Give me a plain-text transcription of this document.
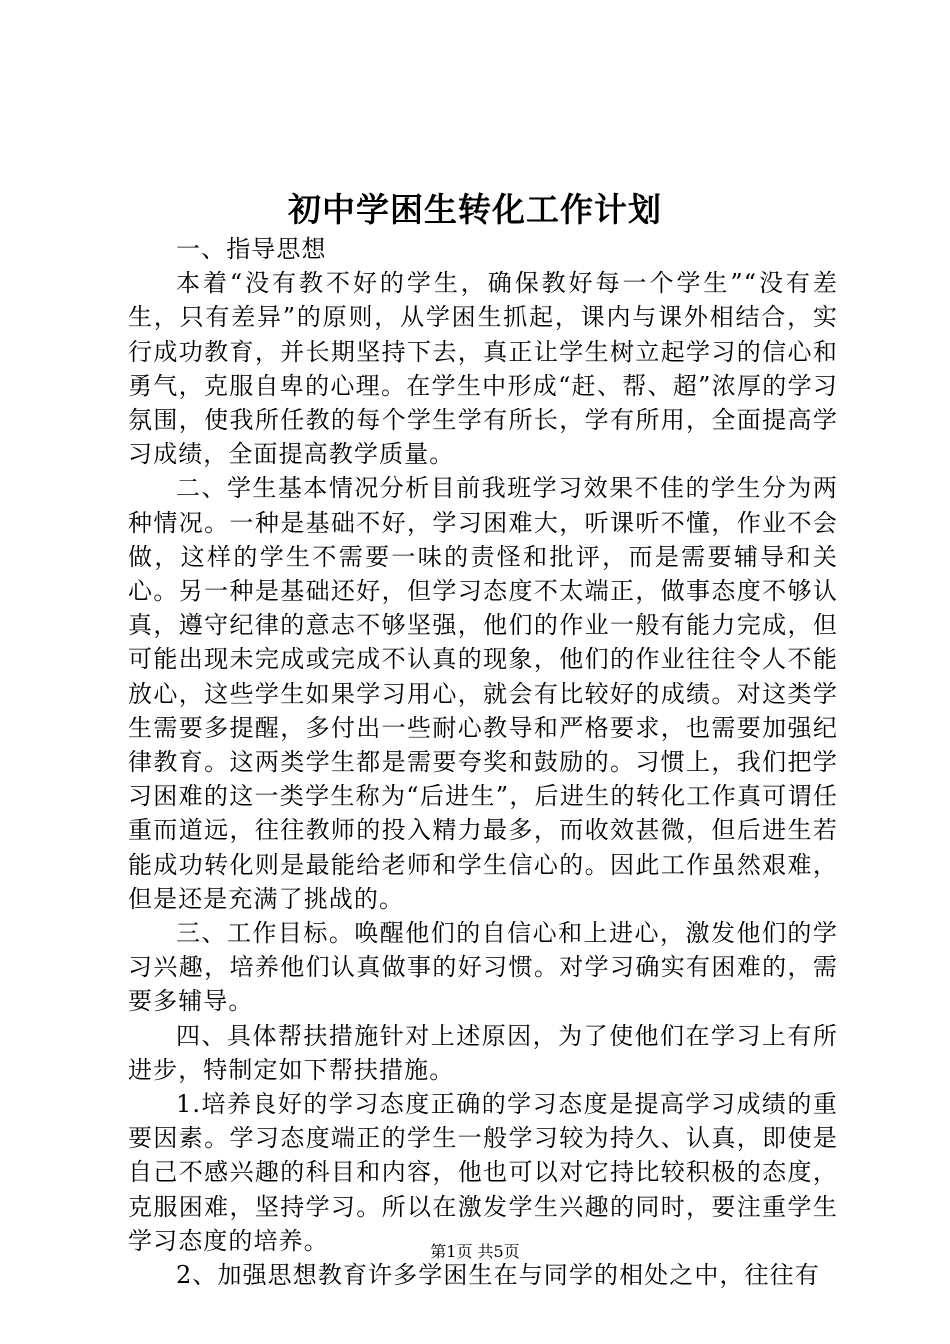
初中学困生转化工作计划

一、指导思想

本着“没有教不好的学生，确保教好每一个学生”“没有差生，只有差异”的原则，从学困生抓起，课内与课外相结合，实行成功教育，并长期坚持下去，真正让学生树立起学习的信心和勇气，克服自卑的心理。在学生中形成“赶、帮、超”浓厚的学习氛围，使我所任教的每个学生学有所长，学有所用，全面提高学习成绩，全面提高教学质量。

二、学生基本情况分析目前我班学习效果不佳的学生分为两种情况。一种是基础不好，学习困难大，听课听不懂，作业不会做，这样的学生不需要一味的责怪和批评，而是需要辅导和关心。另一种是基础还好，但学习态度不太端正，做事态度不够认真，遵守纪律的意志不够坚强，他们的作业一般有能力完成，但可能出现未完成或完成不认真的现象，他们的作业往往令人不能放心，这些学生如果学习用心，就会有比较好的成绩。对这类学生需要多提醒，多付出一些耐心教导和严格要求，也需要加强纪律教育。这两类学生都是需要夸奖和鼓励的。习惯上，我们把学习困难的这一类学生称为“后进生”，后进生的转化工作真可谓任重而道远，往往教师的投入精力最多，而收效甚微，但后进生若能成功转化则是最能给老师和学生信心的。因此工作虽然艰难，但是还是充满了挑战的。

三、工作目标。唤醒他们的自信心和上进心，激发他们的学习兴趣，培养他们认真做事的好习惯。对学习确实有困难的，需要多辅导。

四、具体帮扶措施针对上述原因，为了使他们在学习上有所进步，特制定如下帮扶措施。

1.培养良好的学习态度正确的学习态度是提高学习成绩的重要因素。学习态度端正的学生一般学习较为持久、认真，即使是自己不感兴趣的科目和内容，他也可以对它持比较积极的态度，克服困难，坚持学习。所以在激发学生兴趣的同时，要注重学生学习态度的培养。

2、加强思想教育许多学困生在与同学的相处之中，往往有

第1页 共5页
